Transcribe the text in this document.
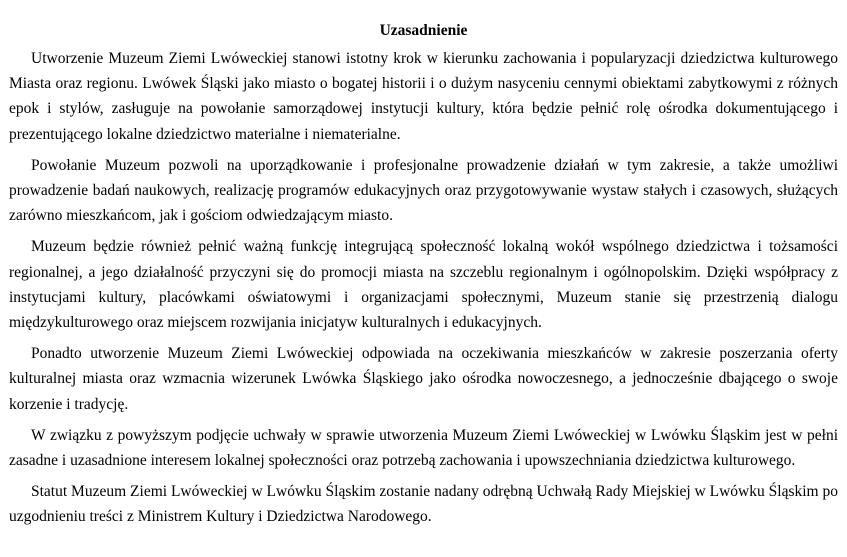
Uzasadnienie

Utworzenie Muzeum Ziemi Lwóweckiej stanowi istotny krok w kierunku zachowania i popularyzacji dziedzictwa kulturowego Miasta oraz regionu. Lwówek Śląski jako miasto o bogatej historii i o dużym nasyceniu cennymi obiektami zabytkowymi z różnych epok i stylów, zasługuje na powołanie samorządowej instytucji kultury, która będzie pełnić rolę ośrodka dokumentującego i prezentującego lokalne dziedzictwo materialne i niematerialne.

Powołanie Muzeum pozwoli na uporządkowanie i profesjonalne prowadzenie działań w tym zakresie, a także umożliwi prowadzenie badań naukowych, realizację programów edukacyjnych oraz przygotowywanie wystaw stałych i czasowych, służących zarówno mieszkańcom, jak i gościom odwiedzającym miasto.

Muzeum będzie również pełnić ważną funkcję integrującą społeczność lokalną wokół wspólnego dziedzictwa i tożsamości regionalnej, a jego działalność przyczyni się do promocji miasta na szczeblu regionalnym i ogólnopolskim. Dzięki współpracy z instytucjami kultury, placówkami oświatowymi i organizacjami społecznymi, Muzeum stanie się przestrzenią dialogu międzykulturowego oraz miejscem rozwijania inicjatyw kulturalnych i edukacyjnych.

Ponadto utworzenie Muzeum Ziemi Lwóweckiej odpowiada na oczekiwania mieszkańców w zakresie poszerzania oferty kulturalnej miasta oraz wzmacnia wizerunek Lwówka Śląskiego jako ośrodka nowoczesnego, a jednocześnie dbającego o swoje korzenie i tradycję.

W związku z powyższym podjęcie uchwały w sprawie utworzenia Muzeum Ziemi Lwóweckiej w Lwówku Śląskim jest w pełni zasadne i uzasadnione interesem lokalnej społeczności oraz potrzebą zachowania i upowszechniania dziedzictwa kulturowego.

Statut Muzeum Ziemi Lwóweckiej w Lwówku Śląskim zostanie nadany odrębną Uchwałą Rady Miejskiej w Lwówku Śląskim po uzgodnieniu treści z Ministrem Kultury i Dziedzictwa Narodowego.
